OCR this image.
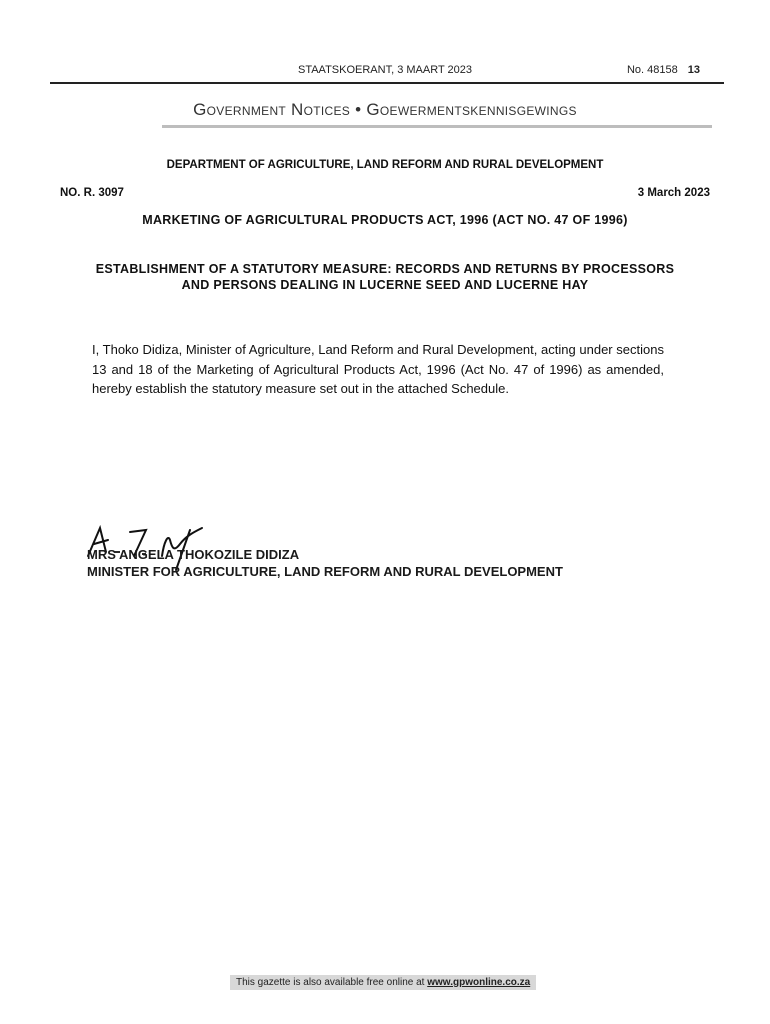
STAATSKOERANT, 3 MAART 2023	No. 48158 13
Government Notices • Goewermentskennisgewings
DEPARTMENT OF AGRICULTURE, LAND REFORM AND RURAL DEVELOPMENT
NO. R. 3097	3 March 2023
MARKETING OF AGRICULTURAL PRODUCTS ACT, 1996 (ACT NO. 47 OF 1996)
ESTABLISHMENT OF A STATUTORY MEASURE: RECORDS AND RETURNS BY PROCESSORS AND PERSONS DEALING IN LUCERNE SEED AND LUCERNE HAY
I, Thoko Didiza, Minister of Agriculture, Land Reform and Rural Development, acting under sections 13 and 18 of the Marketing of Agricultural Products Act, 1996 (Act No. 47 of 1996) as amended, hereby establish the statutory measure set out in the attached Schedule.
MRS ANGELA THOKOZILE DIDIZA
MINISTER FOR AGRICULTURE, LAND REFORM AND RURAL DEVELOPMENT
This gazette is also available free online at www.gpwonline.co.za
